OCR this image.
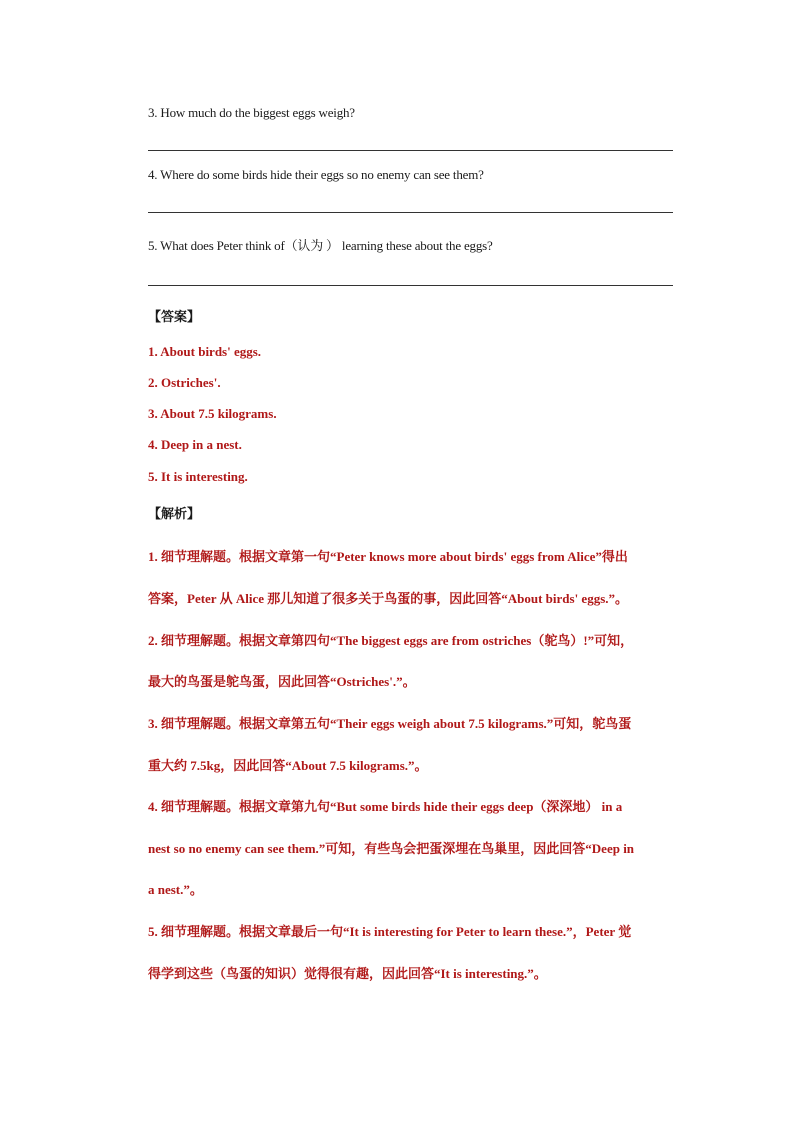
3. How much do the biggest eggs weigh?
4. Where do some birds hide their eggs so no enemy can see them?
5. What does Peter think of（认为 ） learning these about the eggs?
【答案】
1. About birds' eggs.
2. Ostriches'.
3. About 7.5 kilograms.
4. Deep in a nest.
5. It is interesting.
【解析】
1. 细节理解题。根据文章第一句“Peter knows more about birds' eggs from Alice”得出
答案，Peter 从 Alice 那儿知道了很多关于鸟蛋的事，因此回答“About birds' eggs.”。
2. 细节理解题。根据文章第四句“The biggest eggs are from ostriches（鸵鸟）!”可知，
最大的鸟蛋是鸵鸟蛋，因此回答“Ostriches'.”。
3. 细节理解题。根据文章第五句“Their eggs weigh about 7.5 kilograms.”可知，鸵鸟蛋
重大约 7.5kg，因此回答“About 7.5 kilograms.”。
4. 细节理解题。根据文章第九句“But some birds hide their eggs deep（深深地） in a
nest so no enemy can see them.”可知，有些鸟会把蛋深埋在鸟巢里，因此回答“Deep in
a nest.”。
5. 细节理解题。根据文章最后一句“It is interesting for Peter to learn these.”，Peter 觉
得学到这些（鸟蛋的知识）觉得很有趣，因此回答“It is interesting.”。
